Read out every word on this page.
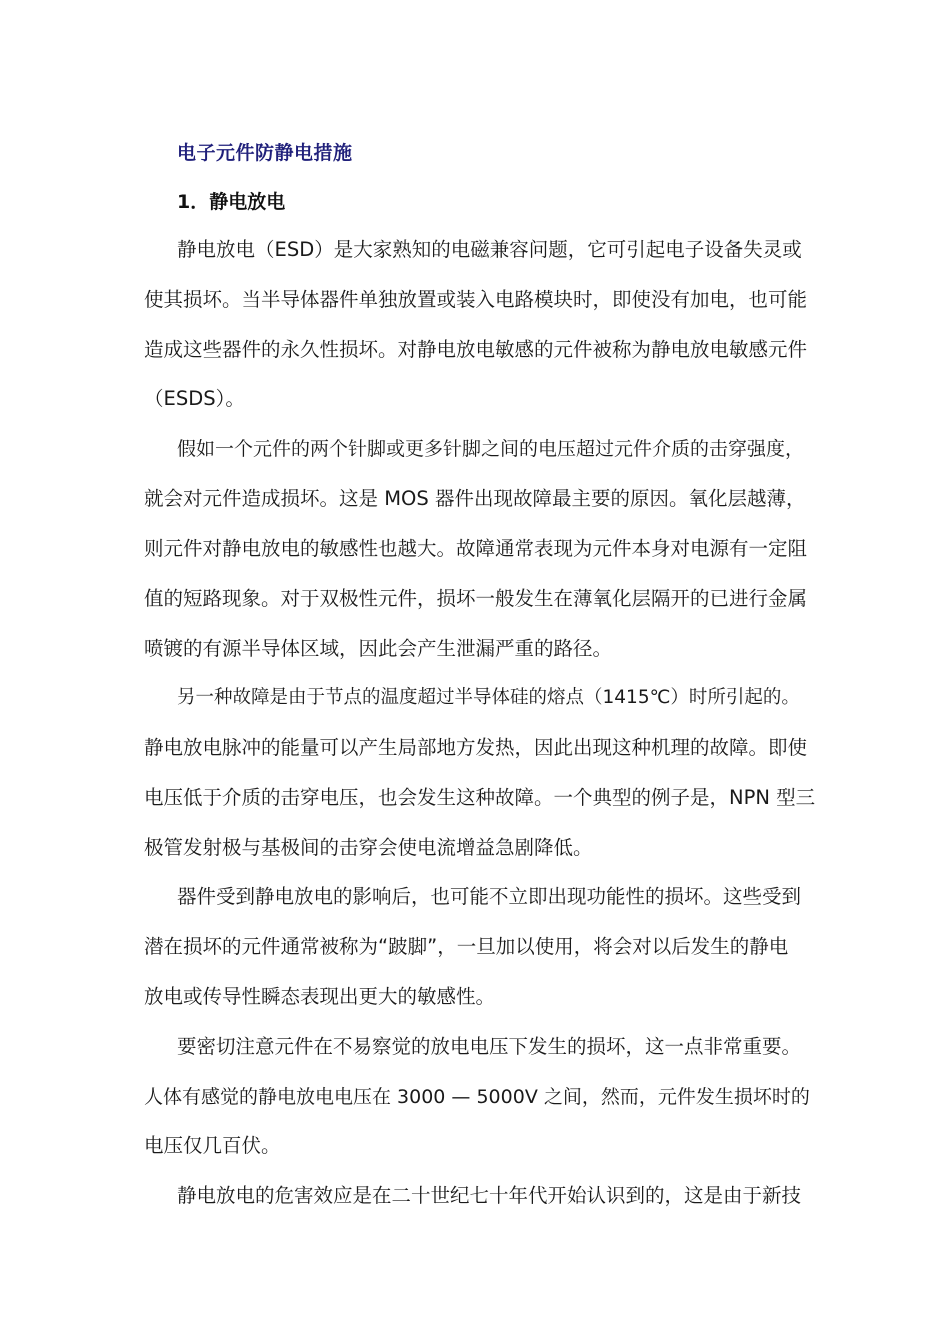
电子元件防静电措施
1．静电放电
静电放电（ESD）是大家熟知的电磁兼容问题，它可引起电子设备失灵或
使其损坏。当半导体器件单独放置或装入电路模块时，即使没有加电，也可能
造成这些器件的永久性损坏。对静电放电敏感的元件被称为静电放电敏感元件
（ESDS）。
假如一个元件的两个针脚或更多针脚之间的电压超过元件介质的击穿强度，
就会对元件造成损坏。这是 MOS 器件出现故障最主要的原因。氧化层越薄，
则元件对静电放电的敏感性也越大。故障通常表现为元件本身对电源有一定阻
值的短路现象。对于双极性元件，损坏一般发生在薄氧化层隔开的已进行金属
喷镀的有源半导体区域，因此会产生泄漏严重的路径。
另一种故障是由于节点的温度超过半导体硅的熔点（1415℃）时所引起的。
静电放电脉冲的能量可以产生局部地方发热，因此出现这种机理的故障。即使
电压低于介质的击穿电压，也会发生这种故障。一个典型的例子是，NPN 型三
极管发射极与基极间的击穿会使电流增益急剧降低。
器件受到静电放电的影响后，也可能不立即出现功能性的损坏。这些受到
潜在损坏的元件通常被称为“跛脚”，一旦加以使用，将会对以后发生的静电
放电或传导性瞬态表现出更大的敏感性。
要密切注意元件在不易察觉的放电电压下发生的损坏，这一点非常重要。
人体有感觉的静电放电电压在 3000 — 5000V 之间，然而，元件发生损坏时的
电压仅几百伏。
静电放电的危害效应是在二十世纪七十年代开始认识到的，这是由于新技
